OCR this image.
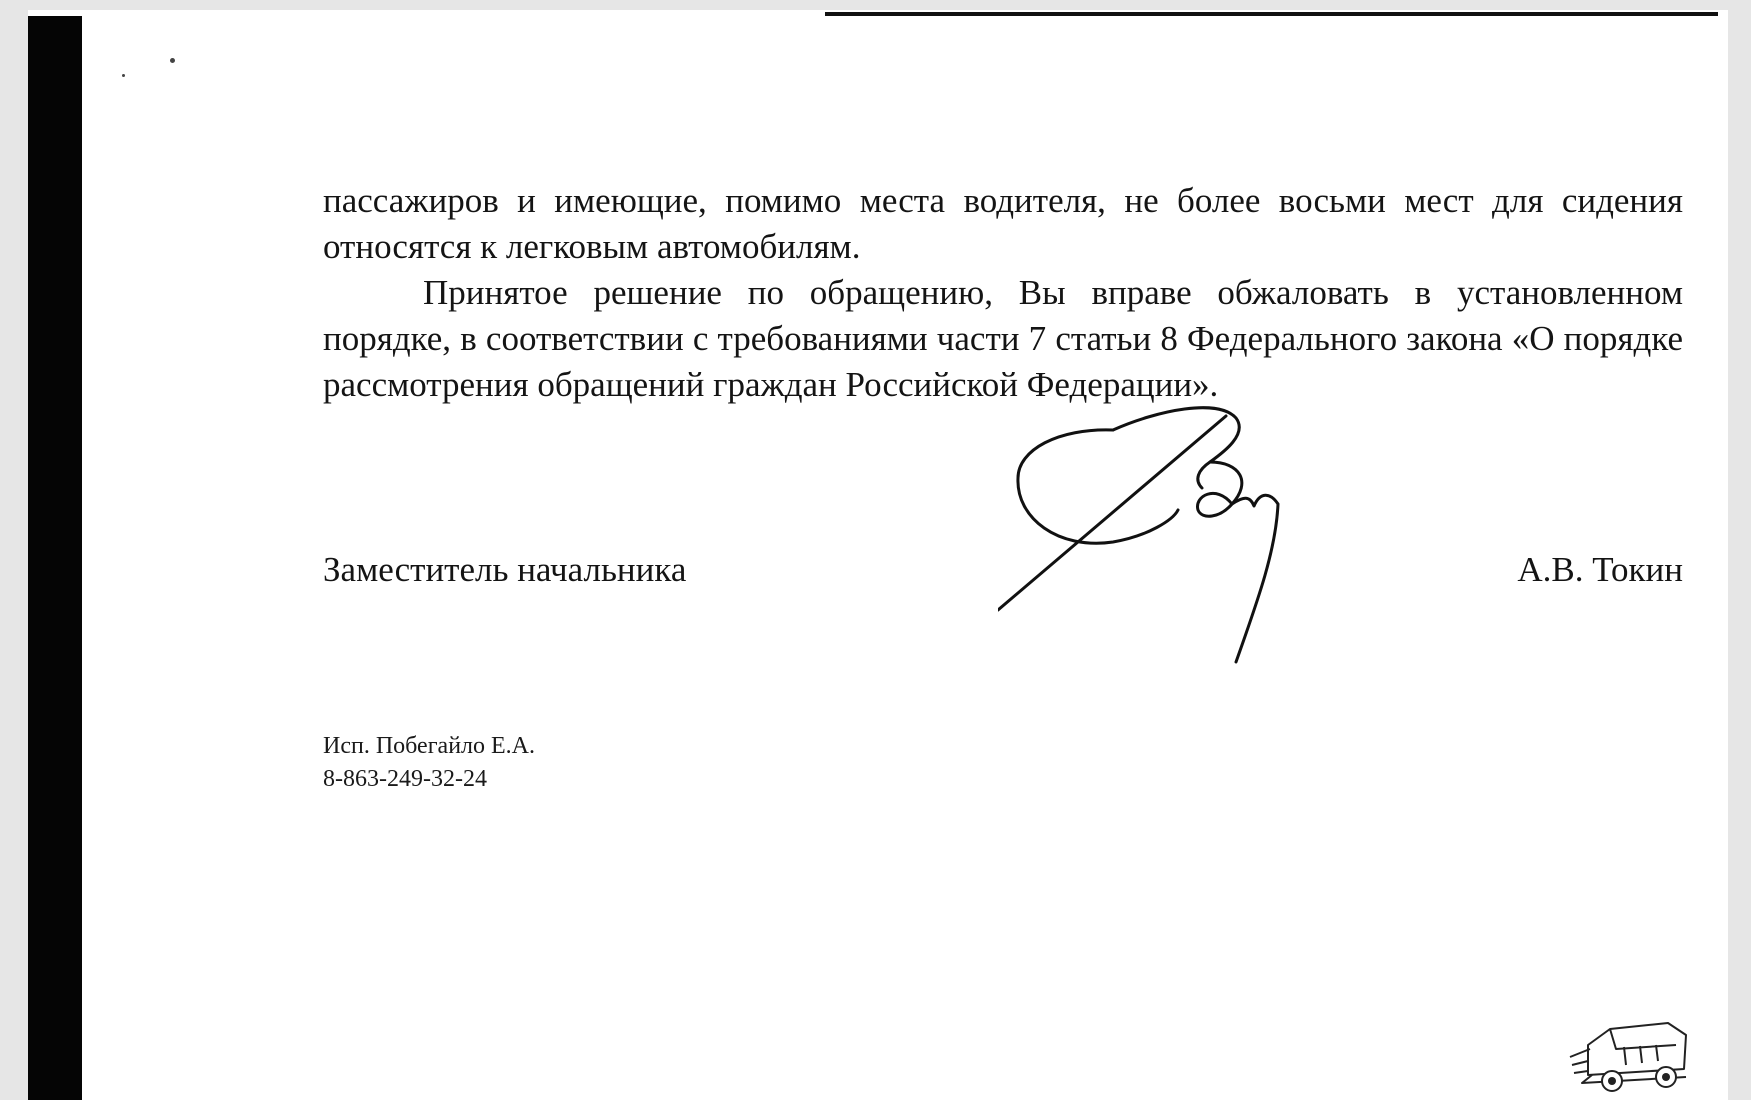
пассажиров и имеющие, помимо места водителя, не более восьми мест для сидения относятся к легковым автомобилям.

Принятое решение по обращению, Вы вправе обжаловать в установленном порядке, в соответствии с требованиями части 7 статьи 8 Федерального закона «О порядке рассмотрения обращений граждан Российской Федерации».

Заместитель начальника	А.В. Токин
Исп. Побегайло Е.А.
8-863-249-32-24
